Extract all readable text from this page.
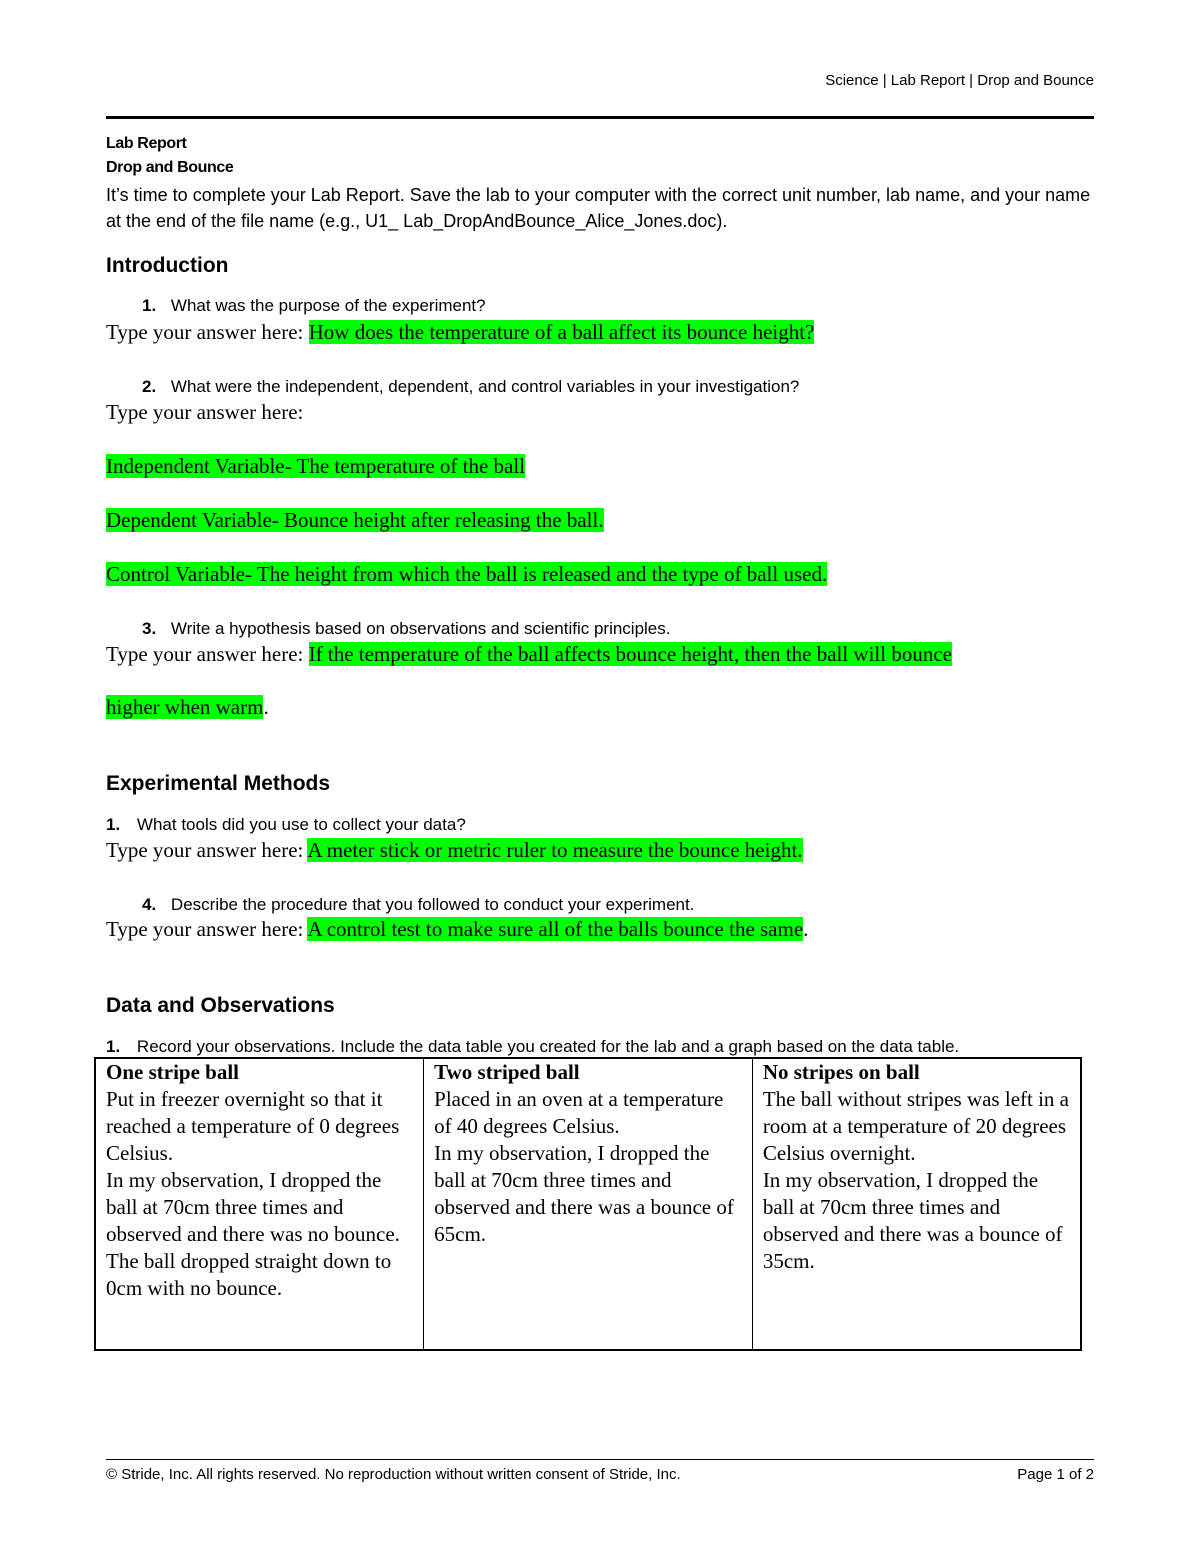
Science | Lab Report | Drop and Bounce
Lab Report
Drop and Bounce
It’s time to complete your Lab Report. Save the lab to your computer with the correct unit number, lab name, and your name at the end of the file name (e.g., U1_ Lab_DropAndBounce_Alice_Jones.doc).
Introduction
1. What was the purpose of the experiment?
Type your answer here: How does the temperature of a ball affect its bounce height?
2. What were the independent, dependent, and control variables in your investigation?
Type your answer here:
Independent Variable- The temperature of the ball
Dependent Variable- Bounce height after releasing the ball.
Control Variable- The height from which the ball is released and the type of ball used.
3. Write a hypothesis based on observations and scientific principles.
Type your answer here: If the temperature of the ball affects bounce height, then the ball will bounce
higher when warm.
Experimental Methods
1. What tools did you use to collect your data?
Type your answer here: A meter stick or metric ruler to measure the bounce height.
4. Describe the procedure that you followed to conduct your experiment.
Type your answer here: A control test to make sure all of the balls bounce the same.
Data and Observations
1. Record your observations. Include the data table you created for the lab and a graph based on the data table.
One stripe ball
Put in freezer overnight so that it reached a temperature of 0 degrees Celsius.
In my observation, I dropped the ball at 70cm three times and observed and there was no bounce. The ball dropped straight down to 0cm with no bounce.

Two striped ball
Placed in an oven at a temperature of 40 degrees Celsius.
In my observation, I dropped the ball at 70cm three times and observed and there was a bounce of 65cm.

No stripes on ball
The ball without stripes was left in a room at a temperature of 20 degrees Celsius overnight.
In my observation, I dropped the ball at 70cm three times and observed and there was a bounce of 35cm.
© Stride, Inc. All rights reserved. No reproduction without written consent of Stride, Inc.	Page 1 of 2
